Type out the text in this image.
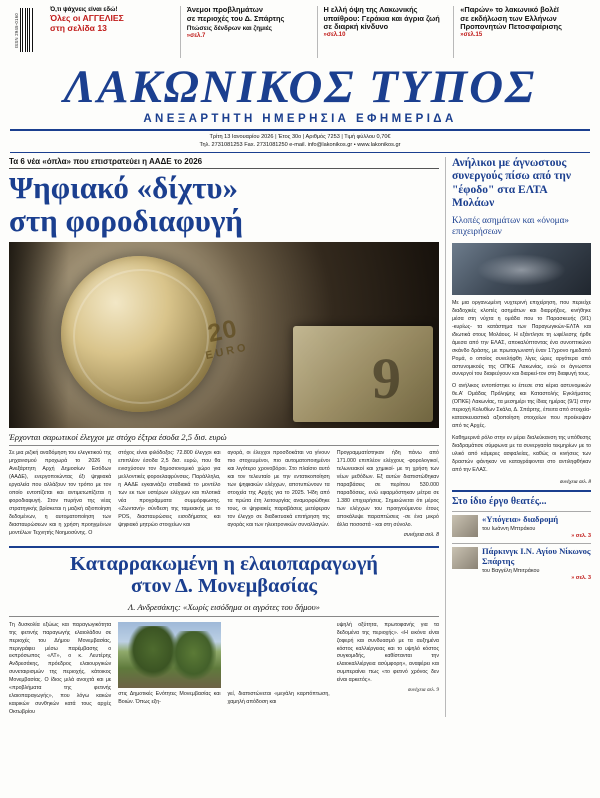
ISSN 2945-0160
Ό,τι ψάχνεις είναι εδώ!
Όλες οι ΑΓΓΕΛΙΕΣ
στη σελίδα 13
Άνεμοι προβλημάτων
σε περιοχές του Δ. Σπάρτης
Πτώσεις δένδρων και ζημιές
»σελ.7
Η ελλή όψη της Λακωνικής
υπαίθρου: Γεράκια και άγρια ζωή
σε διαρκή κίνδυνο
»σελ.10
«Παρών» το λακωνικό βολέϊ
σε εκδήλωση των Ελλήνων
Προπονητών Πετοσφαίρισης
»σελ.15
ΛΑΚΩΝΙΚΟΣ ΤΥΠΟΣ
ΑΝΕΞΑΡΤΗΤΗ ΗΜΕΡΗΣΙΑ ΕΦΗΜΕΡΙΔΑ
Τρίτη 13 Ιανουαρίου 2026 | Έτος 30ο | Αριθμός 7253 | Τιμή φύλλου 0,70€
Τηλ. 2731081253 Fax. 2731081250 e-mail. info@lakonikos.gr • www.lakonikos.gr
Τα 6 νέα «όπλα» που επιστρατεύει η ΑΑΔΕ το 2026
Ψηφιακό «δίχτυ»
στη φοροδιαφυγή
20
EURO	9
Έρχονται σαρωτικοί έλεγχοι με στόχο έξτρα έσοδα 2,5 δισ. ευρώ
Σε μια ριζική αναδόμηση του ελεγκτικού της μηχανισμού προχωρά το 2026 η Ανεξάρτητη Αρχή Δημοσίων Εσόδων (ΑΑΔΕ), ενεργοποιώντας έξι ψηφιακά εργαλεία που αλλάζουν τον τρόπο με τον οποίο εντοπίζεται και αντιμετωπίζεται η φοροδιαφυγή. Στον πυρήνα της νέας στρατηγικής βρίσκεται η μαζική αξιοποίηση δεδομένων, η αυτοματοποίηση των διασταυρώσεων και η χρήση προηγμένων μοντέλων Τεχνητής Νοημοσύνης. Ο
στόχος είναι φιλόδοξος: 72.800 έλεγχοι και επιπλέον έσοδα 2,5 δισ. ευρώ, που θα ενισχύσουν τον δημοσιονομικό χώρο για μελλοντικές φοροελαφρύνσεις. Παράλληλα, η ΑΑΔΕ εγκαινιάζει σταδιακά το μοντέλο των εκ των υστέρων ελέγχων και πιλοτικά νέα προγράμματα συμμόρφωσης. «Ζωντανή» σύνδεση της ταμειακής με το POS, διασταυρώσεις εισοδήματος και ψηφιακό μητρώο στοιχείων και
αγορά, οι έλεγχοι προσδοκάται να γίνουν πιο στοχευμένοι, πιο αυτοματοποιημένοι και λιγότερο χρονοβόροι. Στο πλαίσιο αυτό και τον τελευταίο με την εντατικοποίηση των ψηφιακών ελέγχων, αποτυπώνουν τα στοιχεία της Αρχής για το 2025. Ήδη από τα πρώτα έτη λειτουργίας αναμορφώθηκε τους, οι ψηφιακές παραβάσεις μετέφεραν τον έλεγχο σε διαδικτυακά επιτήρηση της αγοράς και των ηλεκτρονικών συναλλαγών.
Προγραμματίστηκαν ήδη πάνω από 171.000 επιπλέον ελέγχους -φορολογικοί, τελωνειακοί και χημικοί- με τη χρήση των νέων μεθόδων. Εξ αυτών διαπιστώθηκαν παραβάσεις σε περίπου 530.000 παραδόσεις, ενώ εφαρμόστηκαν μέτρα σε 1.380 επιχειρήσεις. Σημειώνεται ότι μέρος των ελέγχων του προηγούμενου έτους αποκάλυψε παραπτώσεις -σε ένα μικρό άλλα ποσοστά - και στη σύνολο.
συνέχεια σελ. 8
Καταρρακωμένη η ελαιοπαραγωγή
στον Δ. Μονεμβασίας
Λ. Ανδρεσάκης: «Χωρίς εισόδημα οι αγρότες του δήμου»
Τη δυσκολία εξώως και παραγωγικότητα της φετινής παραγωγής ελαιολάδου σε περιοχές του Δήμου Μονεμβασίας, περιγράφει μέσω παρέμβασης ο εκπρόσωπος «ΛΤ», ο κ. Λευτέρης Ανδρεσάκης, πρόεδρος ελαιουργικών συνεταιρισμών της περιοχής, κάτοικος Μονεμβασίας. Ο ίδιος μιλά ανοιχτά και με «προβλήματα της φετινής ελαιοπαραγωγής», που λόγω κακών καιρικών συνθηκών κατά τους αρχές Οκτωβρίου
στις Δημοτικές Ενότητες Μονεμβασίας και Βοιών. Όπως εξη-
γεί, διαπιστώνεται «μεγάλη καρπόπτωση, χαμηλή απόδοση και
υψηλή οξύτητα, πρωτοφανής για τα δεδομένα της περιοχής». «Η εικόνα είναι ζοφερή και συνδυασμό με τα αυξημένα κόστος καλλιέργειας και το υψηλό κόστος συγκομιδής, καθίστανται την ελαιοκαλλιέργεια ασύμφορη», αναφέρει και συμπεραίνει πως «το φετινό χρόνος δεν είναι αρκετός».
συνέχεια σελ. 9
Ανήλικοι με άγνωστους συνεργούς πίσω από την "έφοδο" στα ΕΛΤΑ Μολάων
Κλοπές ασημάτων και «όνομα» επιχειρήσεων

Με μια οργανωμένη νυχτερινή επιχείρηση, που περιείχε διαδοχικές κλοπές ασημάτων και διαρρήξεις, κινήθηκε μέσα στη νύχτα η ομάδα που το Παρασκευής (9/1) -κυρίως- τα κατάστημα των Παραγωγικών-ΕΛΤΑ και ιδιωτικά στους Μολάους. Η εξάντλησε τη ωφέλεσης ήρθε άμεσα από την ΕΛΑΣ, αποκαλύπτοντας ένα συνοπτικώνο σκάνδο δράσης, με πρωταγωνιστή έναν 17χρονο ημεδαπό Ρομά, ο οποίος συνελήφθη λίγες ώρες αργότερα από αστυνομικούς της ΟΠΚΕ Λακωνίας, ενώ οι άγνωστοι συνεργοί του διαφεύγουν και διαρκεί-τον στη διαφυγή τους.

Ο ανήλικος εντοπίστηκε κι έπεσε στα κέρια αστυνομικών θε.Α' Ομάδας Πρόληψης και Καταστολής Εγκλήματος (ΟΠΚΕ) Λακωνίας, τα μεσημέρι της ίδιας ημέρας (9/1) στην περιοχή Κολυθίων Σκάλα, Δ. Σπάρτης, έπειτα από στοιχεία-κατασκευαστικά αξιοποίηση στοιχείων που προέκυψαν από τις Αρχές.

Καθημερινά ρόλο στην εν μέρει διαλεύκανση της υπόθεσης διαδραμάτισε σύμφωνα με τα συνεργασία τεκμηρίων με το υλικό από κάμερες ασφαλείας, καθώς οι κινήσεις των δραστών φάνηκαν να καταγράφονται στο αντιληφθήκαν από την ΕΛΑΣ.

συνέχεια σελ. 8
Στο ίδιο έργο θεατές...
«Υπόγεια» διαδρομή
του Ιωάννη Μπτράκου
» σελ. 3
Πάρκινγκ Ι.Ν. Αγίου Νίκωνος Σπάρτης
του Βαγγέλη Μπιτράκου
» σελ. 3
